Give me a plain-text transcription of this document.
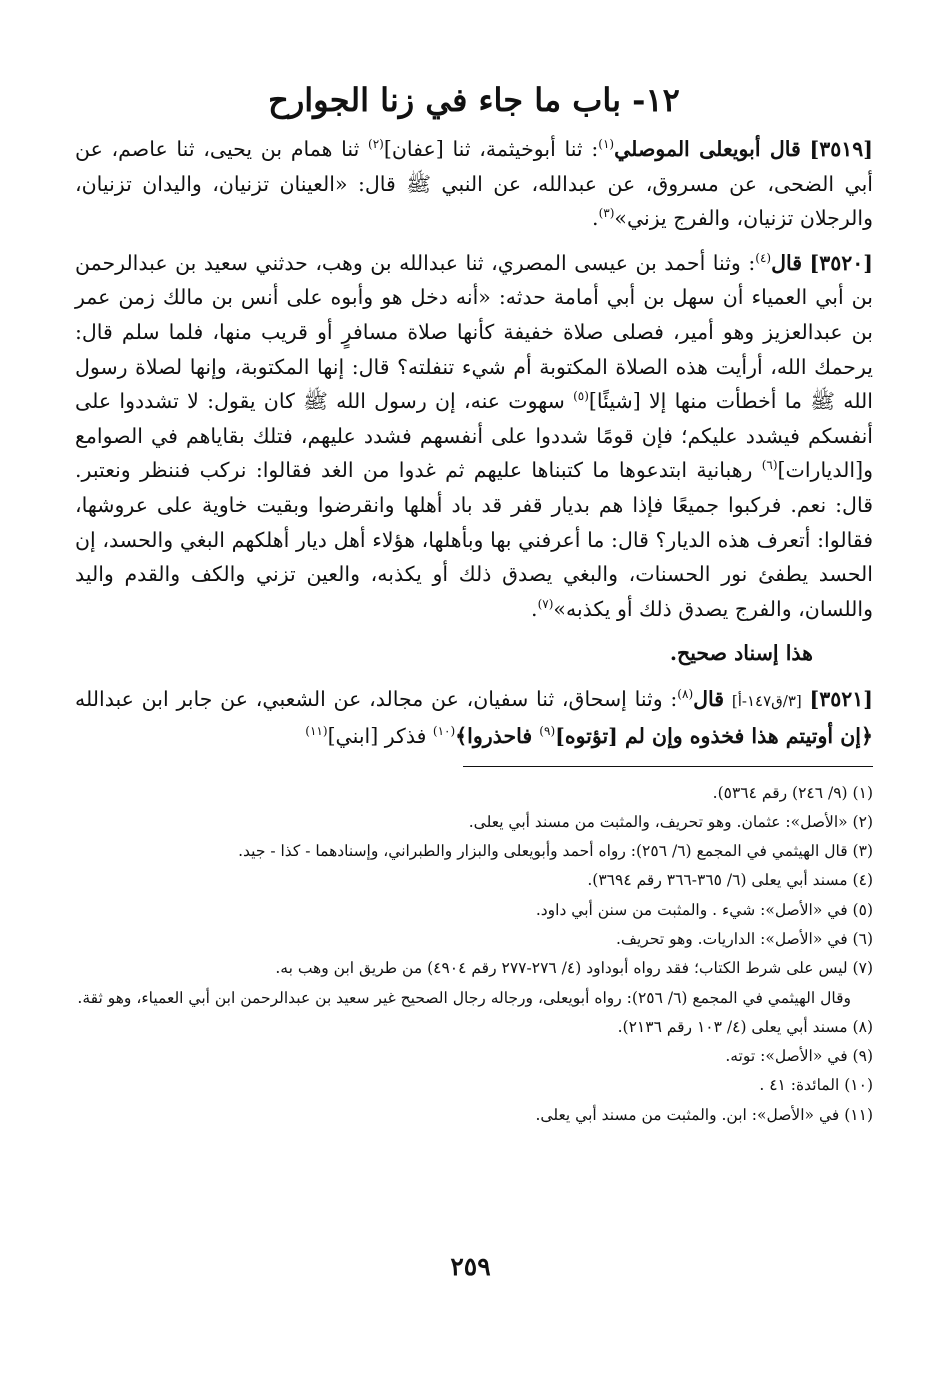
١٢- باب ما جاء في زنا الجوارح

[٣٥١٩] قال أبويعلى الموصلي$^{(١)}$: ثنا أبوخيثمة، ثنا [عفان]$^{(٢)}$ ثنا همام بن يحيى، ثنا عاصم، عن أبي الضحى، عن مسروق، عن عبدالله، عن النبي ﷺ قال: «العينان تزنيان، واليدان تزنيان، والرجلان تزنيان، والفرج يزني»$^{(٣)}$.

[٣٥٢٠] قال$^{(٤)}$: وثنا أحمد بن عيسى المصري، ثنا عبدالله بن وهب، حدثني سعيد بن عبدالرحمن بن أبي العمياء أن سهل بن أبي أمامة حدثه: «أنه دخل هو وأبوه على أنس بن مالك زمن عمر بن عبدالعزيز وهو أمير، فصلى صلاة خفيفة كأنها صلاة مسافرٍ أو قريب منها، فلما سلم قال: يرحمك الله، أرأيت هذه الصلاة المكتوبة أم شيء تنفلته؟ قال: إنها المكتوبة، وإنها لصلاة رسول الله ﷺ ما أخطأت منها إلا [شيئًا]$^{(٥)}$ سهوت عنه، إن رسول الله ﷺ كان يقول: لا تشددوا على أنفسكم فيشدد عليكم؛ فإن قومًا شددوا على أنفسهم فشدد عليهم، فتلك بقاياهم في الصوامع و[الديارات]$^{(٦)}$ رهبانية ابتدعوها ما كتبناها عليهم ثم غدوا من الغد فقالوا: نركب فننظر ونعتبر. قال: نعم. فركبوا جميعًا فإذا هم بديار قفر قد باد أهلها وانقرضوا وبقيت خاوية على عروشها، فقالوا: أتعرف هذه الديار؟ قال: ما أعرفني بها وبأهلها، هؤلاء أهل ديار أهلكهم البغي والحسد، إن الحسد يطفئ نور الحسنات، والبغي يصدق ذلك أو يكذبه، والعين تزني والكف والقدم واليد واللسان، والفرج يصدق ذلك أو يكذبه»$^{(٧)}$.

هذا إسناد صحيح.

[٣٥٢١] [٣/ق١٤٧-أ] قال$^{(٨)}$: وثنا إسحاق، ثنا سفيان، عن مجالد، عن الشعبي، عن جابر ابن عبدالله ﴿إن أوتيتم هذا فخذوه وإن لم [تؤتوه]$^{(٩)}$ فاحذروا﴾$^{(١٠)}$ فذكر [ابني]$^{(١١)}$

(١) (٩/ ٢٤٦) رقم ٥٣٦٤).
(٢) «الأصل»: عثمان. وهو تحريف، والمثبت من مسند أبي يعلى.
(٣) قال الهيثمي في المجمع (٦/ ٢٥٦): رواه أحمد وأبويعلى والبزار والطبراني، وإسنادهما - كذا - جيد.
(٤) مسند أبي يعلى (٦/ ٣٦٥-٣٦٦ رقم ٣٦٩٤).
(٥) في «الأصل»: شيء . والمثبت من سنن أبي داود.
(٦) في «الأصل»: الداريات. وهو تحريف.
(٧) ليس على شرط الكتاب؛ فقد رواه أبوداود (٤/ ٢٧٦-٢٧٧ رقم ٤٩٠٤) من طريق ابن وهب به.
وقال الهيثمي في المجمع (٦/ ٢٥٦): رواه أبويعلى، ورجاله رجال الصحيح غير سعيد بن عبدالرحمن ابن أبي العمياء، وهو ثقة.
(٨) مسند أبي يعلى (٤/ ١٠٣ رقم ٢١٣٦).
(٩) في «الأصل»: توته.
(١٠) المائدة: ٤١ .
(١١) في «الأصل»: ابن. والمثبت من مسند أبي يعلى.
٢٥٩
